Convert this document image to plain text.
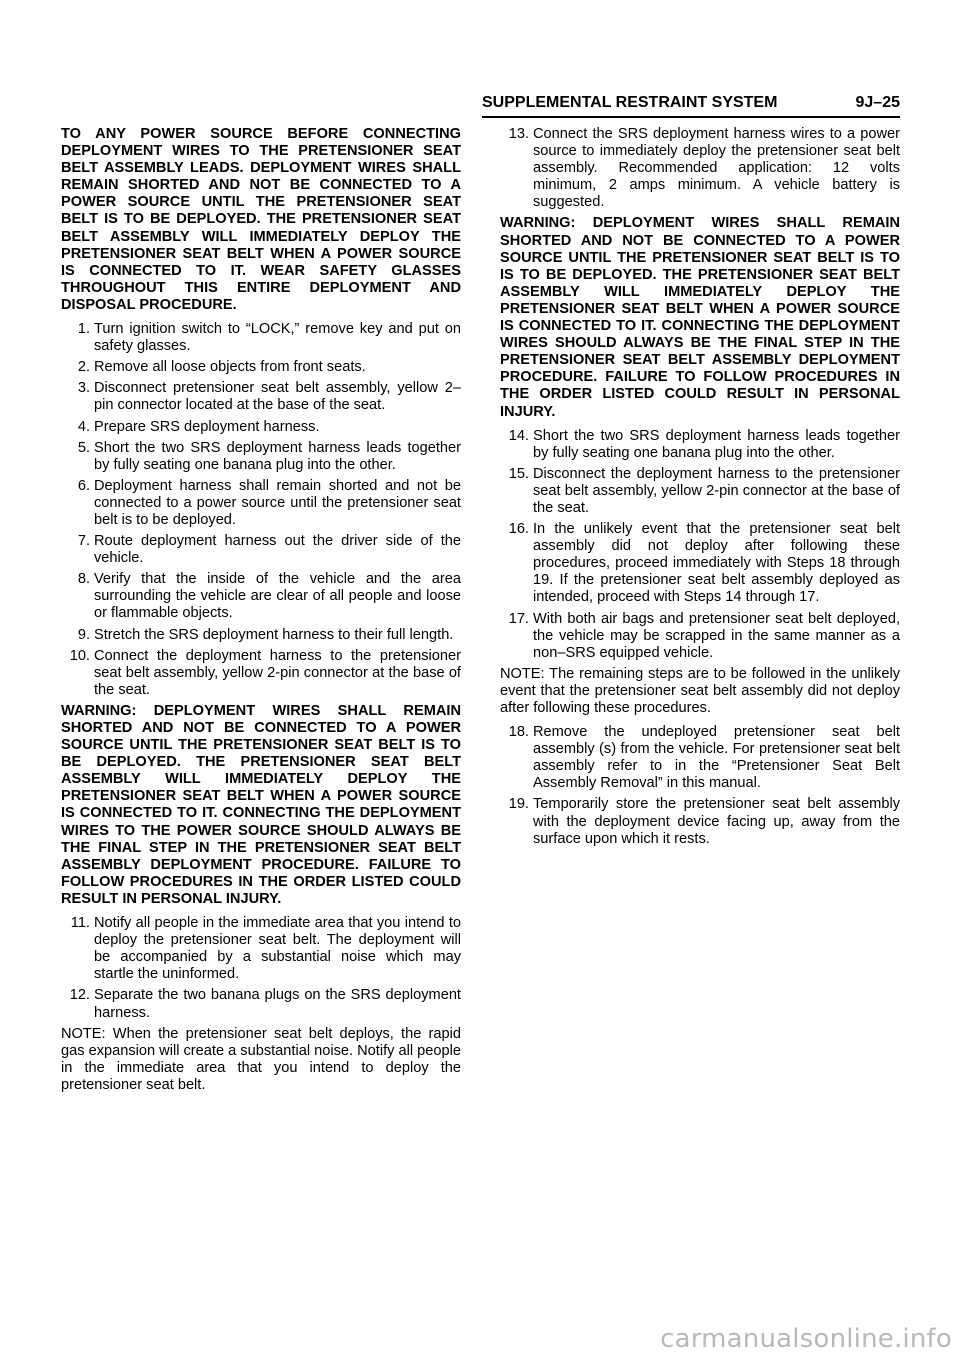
SUPPLEMENTAL RESTRAINT SYSTEM	9J–25

TO ANY POWER SOURCE BEFORE CONNECTING DEPLOYMENT WIRES TO THE PRETENSIONER SEAT BELT ASSEMBLY LEADS. DEPLOYMENT WIRES SHALL REMAIN SHORTED AND NOT BE CONNECTED TO A POWER SOURCE UNTIL THE PRETENSIONER SEAT BELT IS TO BE DEPLOYED. THE PRETENSIONER SEAT BELT ASSEMBLY WILL IMMEDIATELY DEPLOY THE PRETENSIONER SEAT BELT WHEN A POWER SOURCE IS CONNECTED TO IT. WEAR SAFETY GLASSES THROUGHOUT THIS ENTIRE DEPLOYMENT AND DISPOSAL PROCEDURE.

1. Turn ignition switch to “LOCK,” remove key and put on safety glasses.
2. Remove all loose objects from front seats.
3. Disconnect pretensioner seat belt assembly, yellow 2–pin connector located at the base of the seat.
4. Prepare SRS deployment harness.
5. Short the two SRS deployment harness leads together by fully seating one banana plug into the other.
6. Deployment harness shall remain shorted and not be connected to a power source until the pretensioner seat belt is to be deployed.
7. Route deployment harness out the driver side of the vehicle.
8. Verify that the inside of the vehicle and the area surrounding the vehicle are clear of all people and loose or flammable objects.
9. Stretch the SRS deployment harness to their full length.
10. Connect the deployment harness to the pretensioner seat belt assembly, yellow 2-pin connector at the base of the seat.

WARNING: DEPLOYMENT WIRES SHALL REMAIN SHORTED AND NOT BE CONNECTED TO A POWER SOURCE UNTIL THE PRETENSIONER SEAT BELT IS TO BE DEPLOYED. THE PRETENSIONER SEAT BELT ASSEMBLY WILL IMMEDIATELY DEPLOY THE PRETENSIONER SEAT BELT WHEN A POWER SOURCE IS CONNECTED TO IT. CONNECTING THE DEPLOYMENT WIRES TO THE POWER SOURCE SHOULD ALWAYS BE THE FINAL STEP IN THE PRETENSIONER SEAT BELT ASSEMBLY DEPLOYMENT PROCEDURE. FAILURE TO FOLLOW PROCEDURES IN THE ORDER LISTED COULD RESULT IN PERSONAL INJURY.

11. Notify all people in the immediate area that you intend to deploy the pretensioner seat belt. The deployment will be accompanied by a substantial noise which may startle the uninformed.
12. Separate the two banana plugs on the SRS deployment harness.

NOTE: When the pretensioner seat belt deploys, the rapid gas expansion will create a substantial noise. Notify all people in the immediate area that you intend to deploy the pretensioner seat belt.

13. Connect the SRS deployment harness wires to a power source to immediately deploy the pretensioner seat belt assembly. Recommended application: 12 volts minimum, 2 amps minimum. A vehicle battery is suggested.

WARNING: DEPLOYMENT WIRES SHALL REMAIN SHORTED AND NOT BE CONNECTED TO A POWER SOURCE UNTIL THE PRETENSIONER SEAT BELT IS TO IS TO BE DEPLOYED. THE PRETENSIONER SEAT BELT ASSEMBLY WILL IMMEDIATELY DEPLOY THE PRETENSIONER SEAT BELT WHEN A POWER SOURCE IS CONNECTED TO IT. CONNECTING THE DEPLOYMENT WIRES SHOULD ALWAYS BE THE FINAL STEP IN THE PRETENSIONER SEAT BELT ASSEMBLY DEPLOYMENT PROCEDURE. FAILURE TO FOLLOW PROCEDURES IN THE ORDER LISTED COULD RESULT IN PERSONAL INJURY.

14. Short the two SRS deployment harness leads together by fully seating one banana plug into the other.
15. Disconnect the deployment harness to the pretensioner seat belt assembly, yellow 2-pin connector at the base of the seat.
16. In the unlikely event that the pretensioner seat belt assembly did not deploy after following these procedures, proceed immediately with Steps 18 through 19. If the pretensioner seat belt assembly deployed as intended, proceed with Steps 14 through 17.
17. With both air bags and pretensioner seat belt deployed, the vehicle may be scrapped in the same manner as a non–SRS equipped vehicle.

NOTE: The remaining steps are to be followed in the unlikely event that the pretensioner seat belt assembly did not deploy after following these procedures.

18. Remove the undeployed pretensioner seat belt assembly (s) from the vehicle. For pretensioner seat belt assembly refer to in the “Pretensioner Seat Belt Assembly Removal” in this manual.
19. Temporarily store the pretensioner seat belt assembly with the deployment device facing up, away from the surface upon which it rests.
carmanualsonline.info
